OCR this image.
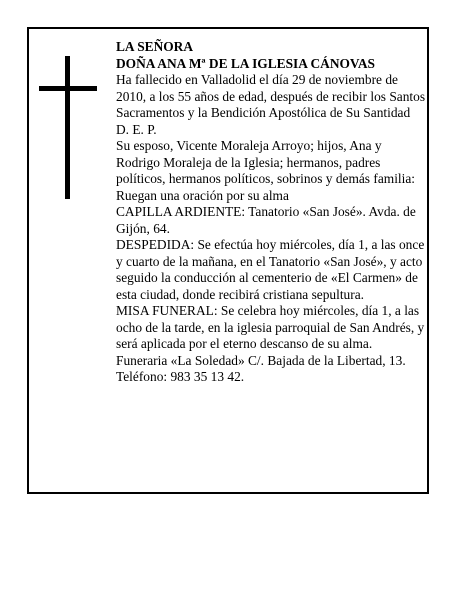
LA SEÑORA

DOÑA ANA Mª DE LA IGLESIA CÁNOVAS

Ha fallecido en Valladolid el día 29 de noviembre de 2010, a los 55 años de edad, después de recibir los Santos Sacramentos y la Bendición Apostólica de Su Santidad

D. E. P.

Su esposo, Vicente Moraleja Arroyo; hijos, Ana y Rodrigo Moraleja de la Iglesia; hermanos, padres políticos, hermanos políticos, sobrinos y demás familia: Ruegan una oración por su alma

CAPILLA ARDIENTE: Tanatorio «San José». Avda. de Gijón, 64.

DESPEDIDA: Se efectúa hoy miércoles, día 1, a las once y cuarto de la mañana, en el Tanatorio «San José», y acto seguido la conducción al cementerio de «El Carmen» de esta ciudad, donde recibirá cristiana sepultura.

MISA FUNERAL: Se celebra hoy miércoles, día 1, a las ocho de la tarde, en la iglesia parroquial de San Andrés, y será aplicada por el eterno descanso de su alma.

Funeraria «La Soledad» C/. Bajada de la Libertad, 13. Teléfono: 983 35 13 42.
